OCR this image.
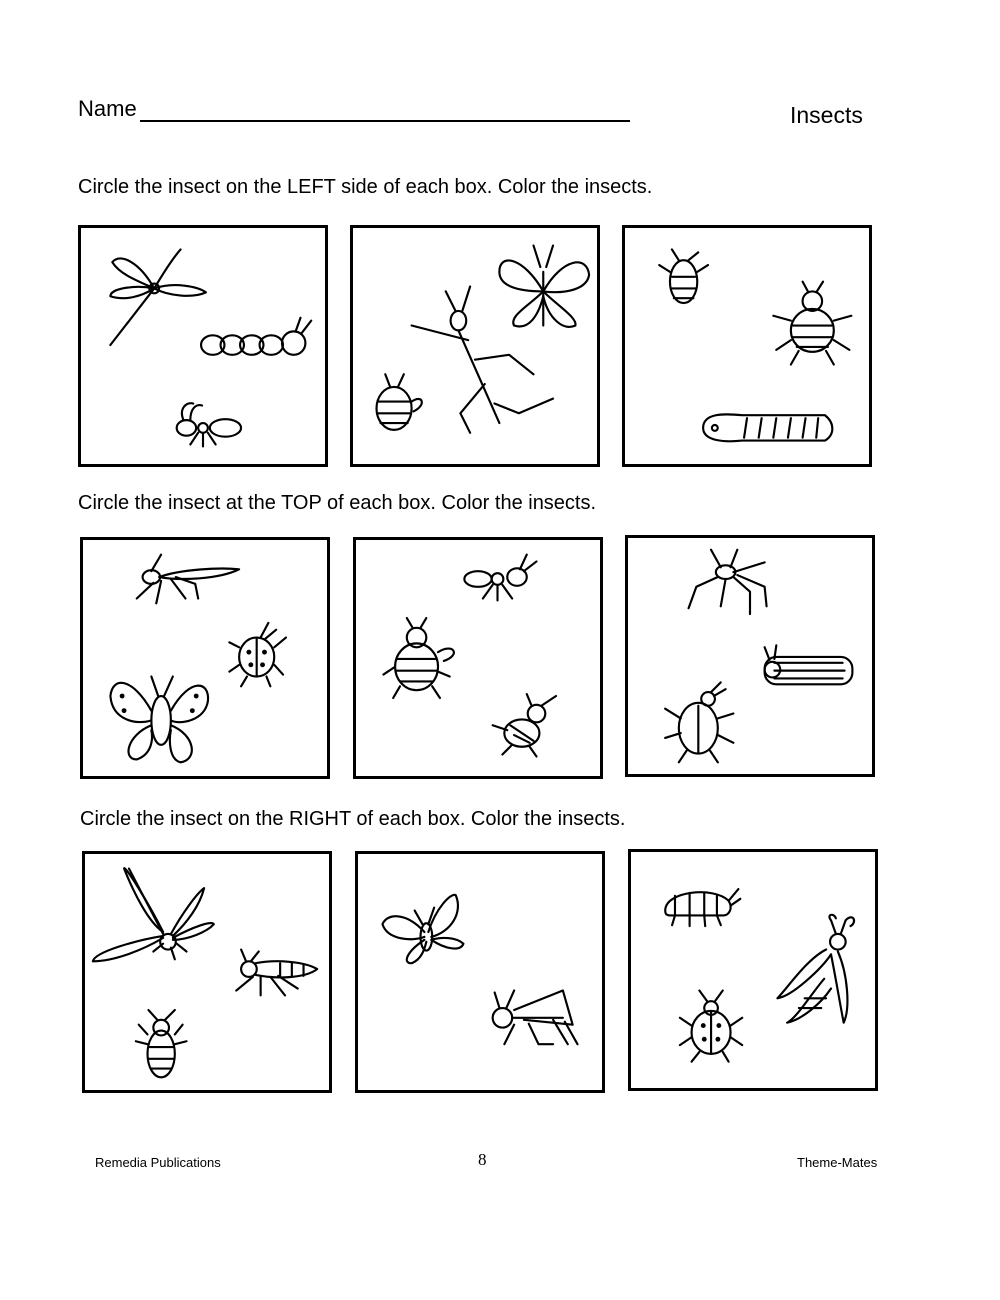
Name	Insects
Circle the insect on the LEFT side of each box. Color the insects.
Circle the insect at the TOP of each box. Color the insects.
Circle the insect on the RIGHT of each box. Color the insects.
Remedia Publications	8	Theme-Mates
